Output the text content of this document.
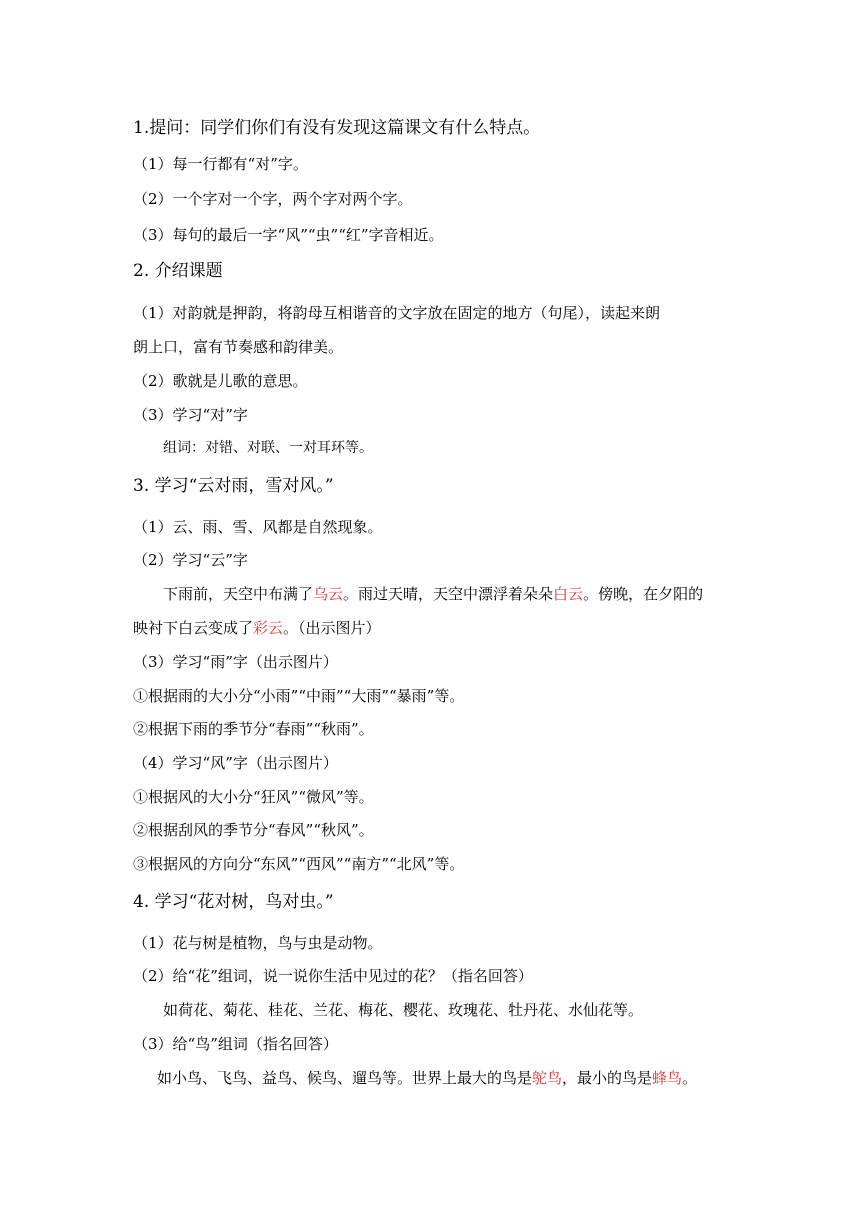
1.提问：同学们你们有没有发现这篇课文有什么特点。
（1）每一行都有“对”字。
（2）一个字对一个字，两个字对两个字。
（3）每句的最后一字“风”“虫”“红”字音相近。
2. 介绍课题
（1）对韵就是押韵，将韵母互相谐音的文字放在固定的地方（句尾），读起来朗
朗上口，富有节奏感和韵律美。
（2）歌就是儿歌的意思。
（3）学习“对”字
组词：对错、对联、一对耳环等。
3. 学习“云对雨，雪对风。”
（1）云、雨、雪、风都是自然现象。
（2）学习“云”字
下雨前，天空中布满了乌云。雨过天晴，天空中漂浮着朵朵白云。傍晚，在夕阳的
映衬下白云变成了彩云。（出示图片）
（3）学习“雨”字（出示图片）
①根据雨的大小分“小雨”“中雨”“大雨”“暴雨”等。
②根据下雨的季节分“春雨”“秋雨”。
（4）学习“风”字（出示图片）
①根据风的大小分“狂风”“微风”等。
②根据刮风的季节分“春风”“秋风”。
③根据风的方向分“东风”“西风”“南方”“北风”等。
4. 学习“花对树，鸟对虫。”
（1）花与树是植物，鸟与虫是动物。
（2）给“花”组词，说一说你生活中见过的花？（指名回答）
如荷花、菊花、桂花、兰花、梅花、樱花、玫瑰花、牡丹花、水仙花等。
（3）给“鸟”组词（指名回答）
如小鸟、飞鸟、益鸟、候鸟、遛鸟等。世界上最大的鸟是鸵鸟，最小的鸟是蜂鸟。
